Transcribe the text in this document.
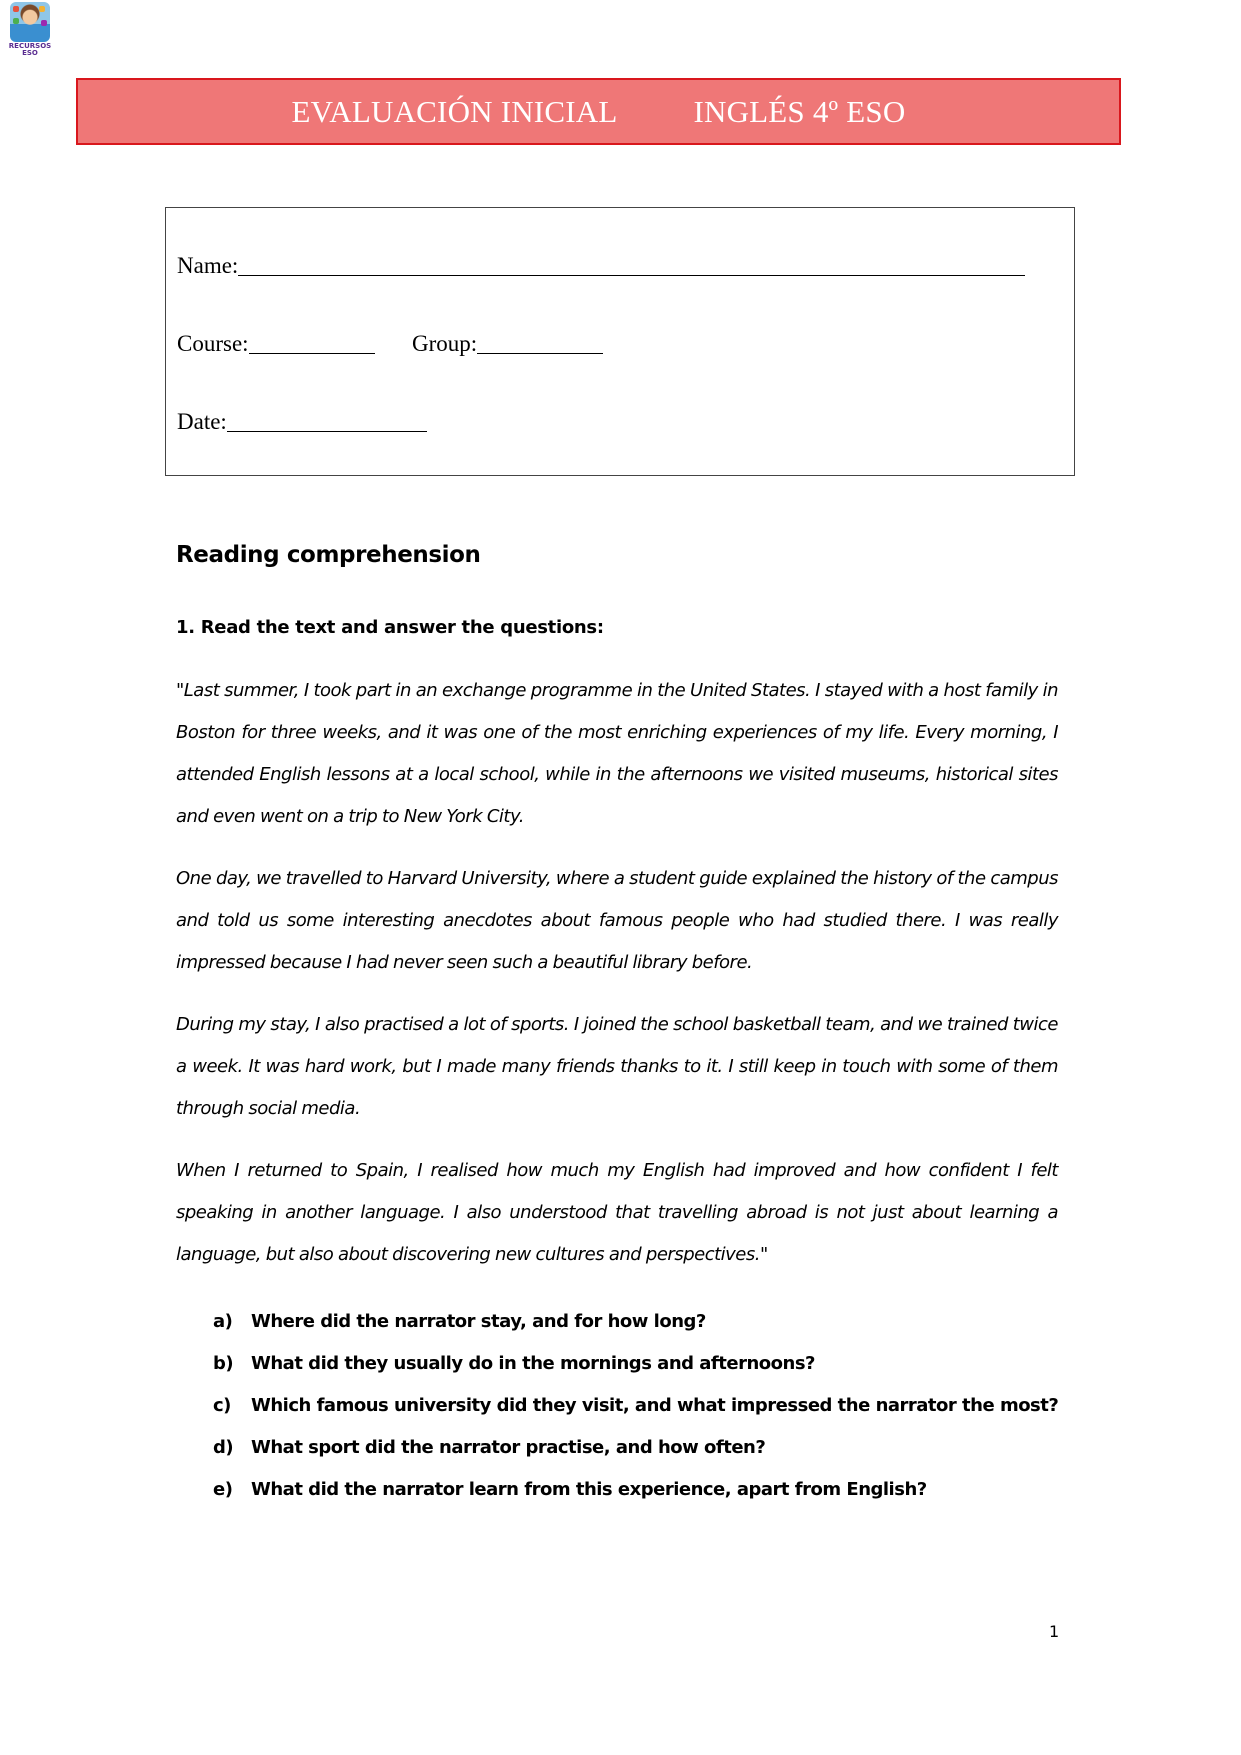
RECURSOS
ESO
EVALUACIÓN INICIAL INGLÉS 4º ESO
Name:
Course:	Group:
Date:
Reading comprehension
1. Read the text and answer the questions:

"Last summer, I took part in an exchange programme in the United States. I stayed with a host family in Boston for three weeks, and it was one of the most enriching experiences of my life. Every morning, I attended English lessons at a local school, while in the afternoons we visited museums, historical sites and even went on a trip to New York City.

One day, we travelled to Harvard University, where a student guide explained the history of the campus and told us some interesting anecdotes about famous people who had studied there. I was really impressed because I had never seen such a beautiful library before.

During my stay, I also practised a lot of sports. I joined the school basketball team, and we trained twice a week. It was hard work, but I made many friends thanks to it. I still keep in touch with some of them through social media.

When I returned to Spain, I realised how much my English had improved and how confident I felt speaking in another language. I also understood that travelling abroad is not just about learning a language, but also about discovering new cultures and perspectives."

a) Where did the narrator stay, and for how long?
b) What did they usually do in the mornings and afternoons?
c) Which famous university did they visit, and what impressed the narrator the most?
d) What sport did the narrator practise, and how often?
e) What did the narrator learn from this experience, apart from English?
1
